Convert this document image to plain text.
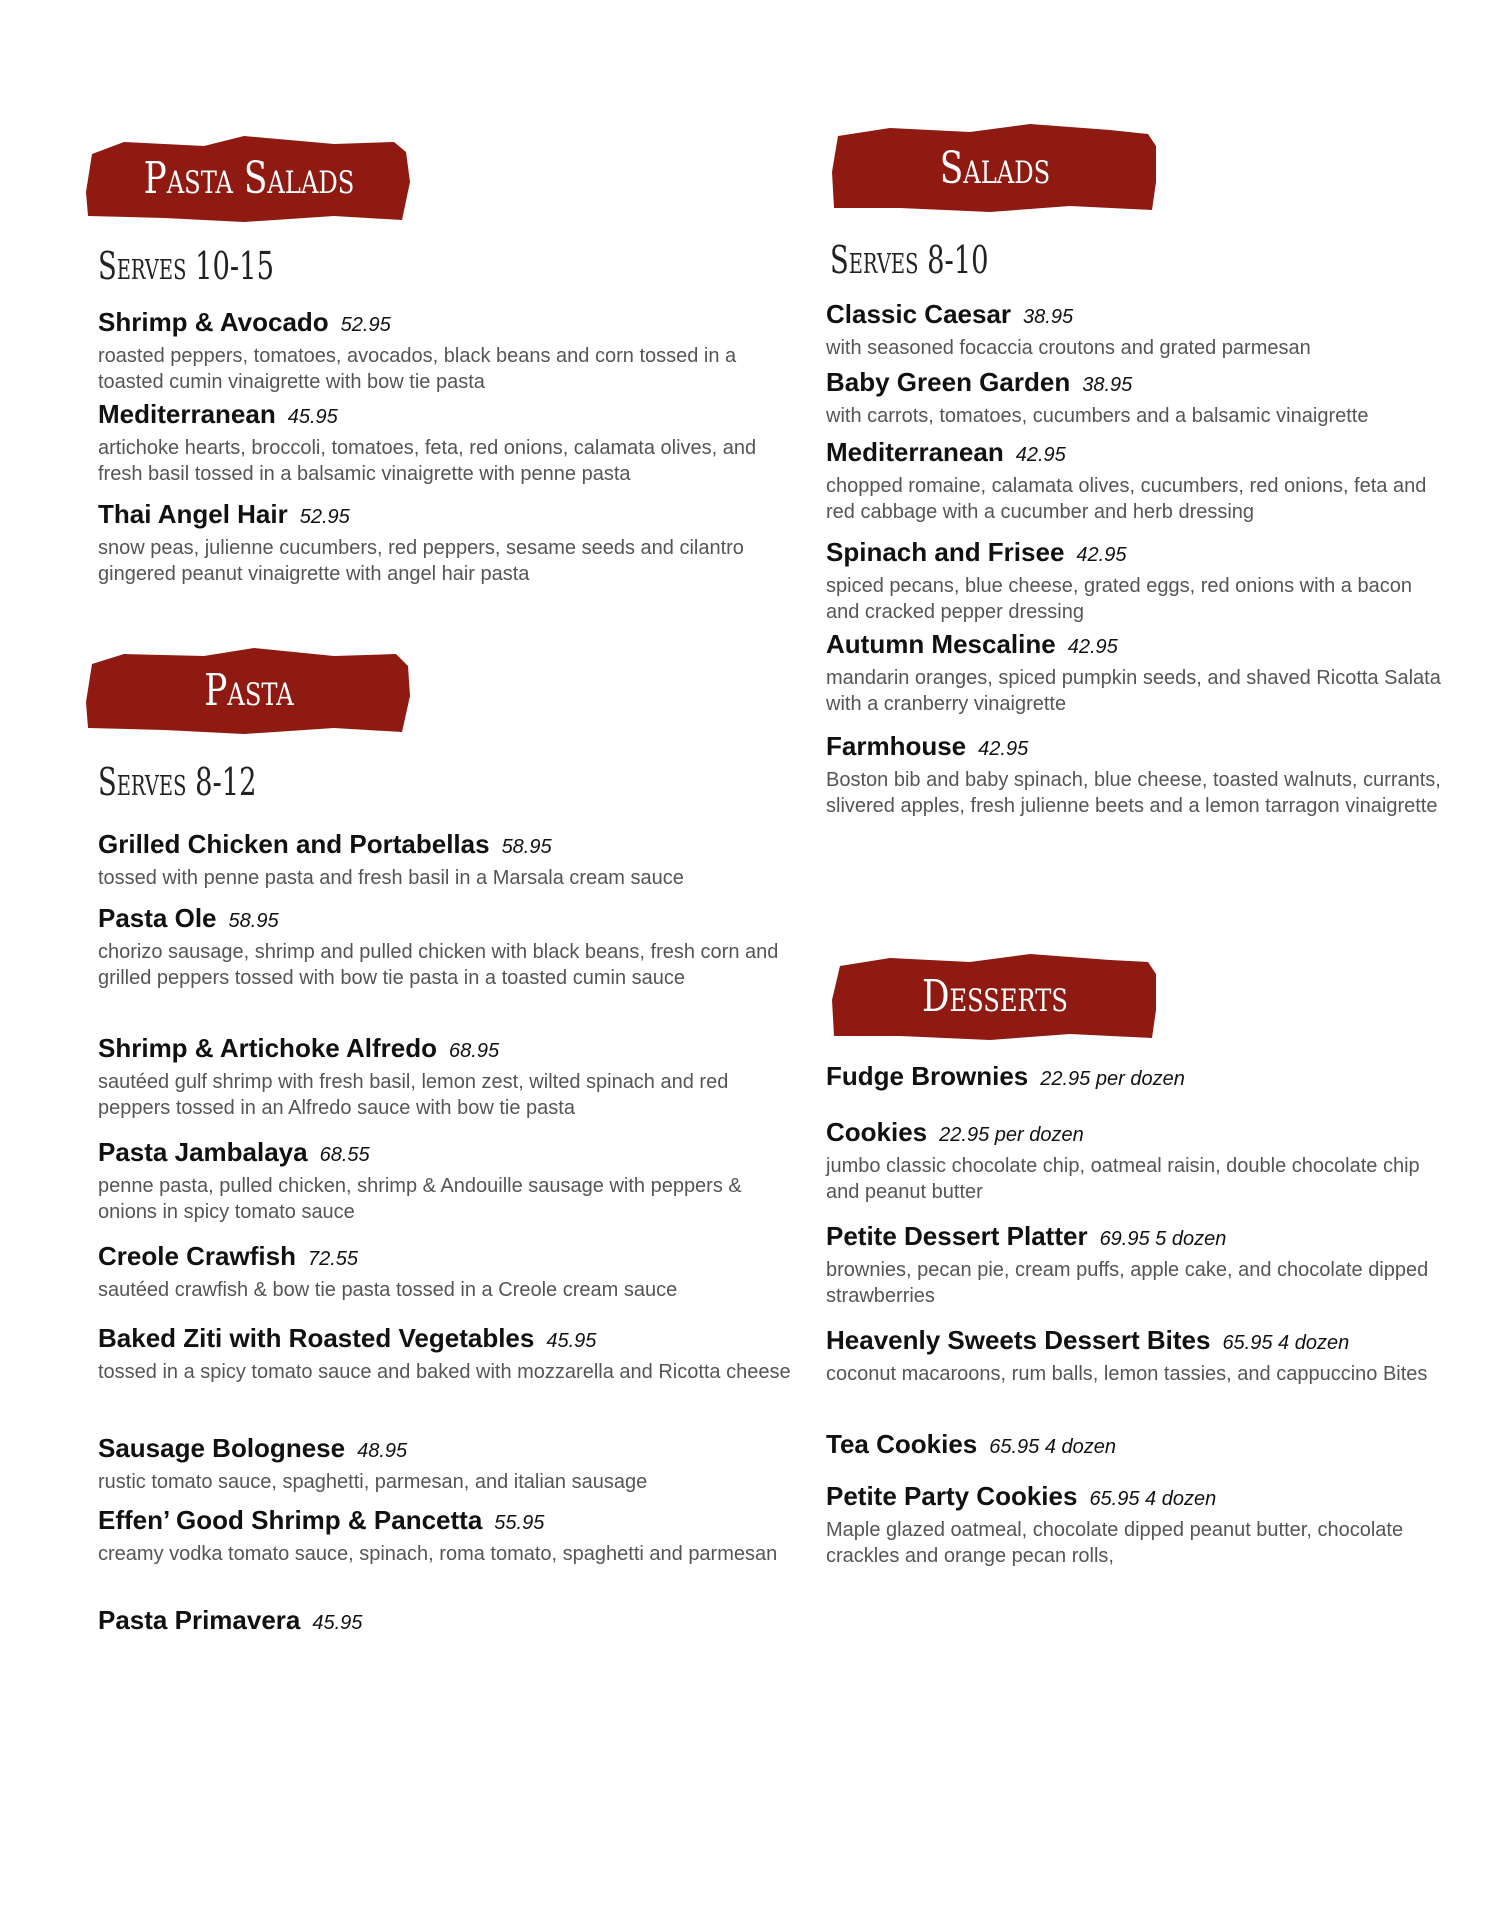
Pasta Salads
Pasta
Salads
Desserts
Serves 10-15
Serves 8-12
Serves 8-10
Shrimp & Avocado 52.95
roasted peppers, tomatoes, avocados, black beans and corn tossed in a toasted cumin vinaigrette with bow tie pasta
Mediterranean 45.95
artichoke hearts, broccoli, tomatoes, feta, red onions, calamata olives, and fresh basil tossed in a balsamic vinaigrette with penne pasta
Thai Angel Hair 52.95
snow peas, julienne cucumbers, red peppers, sesame seeds and cilantro gingered peanut vinaigrette with angel hair pasta
Grilled Chicken and Portabellas 58.95
tossed with penne pasta and fresh basil in a Marsala cream sauce
Pasta Ole 58.95
chorizo sausage, shrimp and pulled chicken with black beans, fresh corn and grilled peppers tossed with bow tie pasta in a toasted cumin sauce
Shrimp & Artichoke Alfredo 68.95
sautéed gulf shrimp with fresh basil, lemon zest, wilted spinach and red peppers tossed in an Alfredo sauce with bow tie pasta
Pasta Jambalaya 68.55
penne pasta, pulled chicken, shrimp & Andouille sausage with peppers & onions in spicy tomato sauce
Creole Crawfish 72.55
sautéed crawfish & bow tie pasta tossed in a Creole cream sauce
Baked Ziti with Roasted Vegetables 45.95
tossed in a spicy tomato sauce and baked with mozzarella and Ricotta cheese
Sausage Bolognese 48.95
rustic tomato sauce, spaghetti, parmesan, and italian sausage
Effen’ Good Shrimp & Pancetta 55.95
creamy vodka tomato sauce, spinach, roma tomato, spaghetti and parmesan
Pasta Primavera 45.95
Classic Caesar 38.95
with seasoned focaccia croutons and grated parmesan
Baby Green Garden 38.95
with carrots, tomatoes, cucumbers and a balsamic vinaigrette
Mediterranean 42.95
chopped romaine, calamata olives, cucumbers, red onions, feta and red cabbage with a cucumber and herb dressing
Spinach and Frisee 42.95
spiced pecans, blue cheese, grated eggs, red onions with a bacon and cracked pepper dressing
Autumn Mescaline 42.95
mandarin oranges, spiced pumpkin seeds, and shaved Ricotta Salata with a cranberry vinaigrette
Farmhouse 42.95
Boston bib and baby spinach, blue cheese, toasted walnuts, currants, slivered apples, fresh julienne beets and a lemon tarragon vinaigrette
Fudge Brownies 22.95 per dozen
Cookies 22.95 per dozen
jumbo classic chocolate chip, oatmeal raisin, double chocolate chip and peanut butter
Petite Dessert Platter 69.95 5 dozen
brownies, pecan pie, cream puffs, apple cake, and chocolate dipped strawberries
Heavenly Sweets Dessert Bites 65.95 4 dozen
coconut macaroons, rum balls, lemon tassies, and cappuccino Bites
Tea Cookies 65.95 4 dozen
Petite Party Cookies 65.95 4 dozen
Maple glazed oatmeal, chocolate dipped peanut butter, chocolate crackles and orange pecan rolls,
